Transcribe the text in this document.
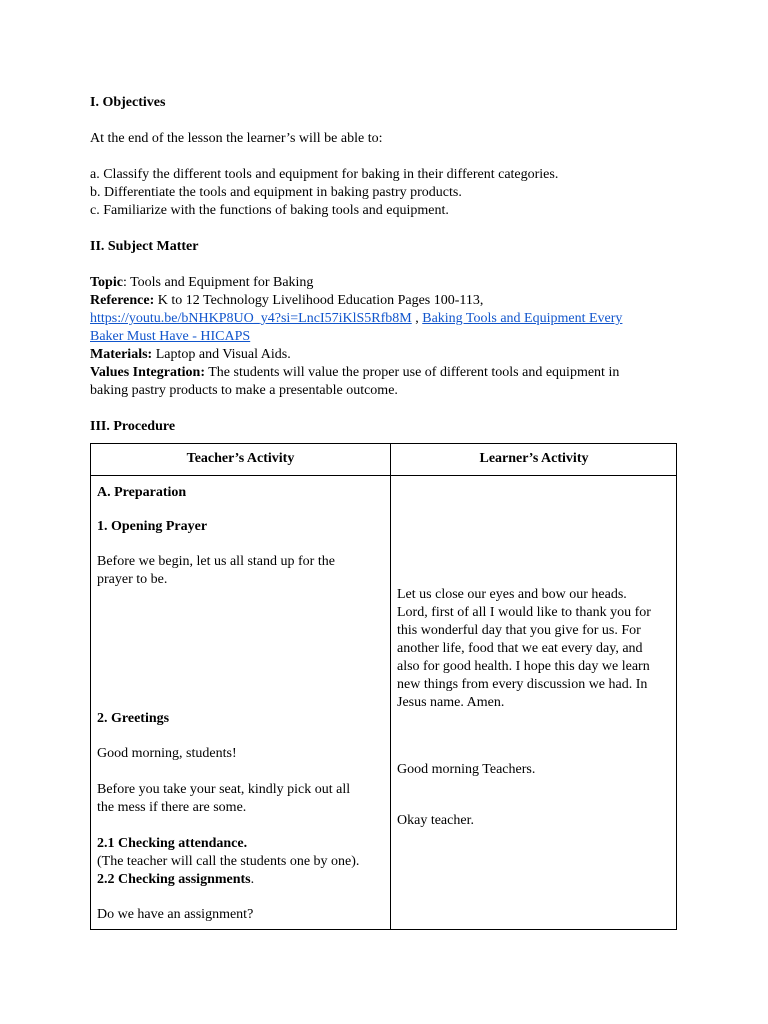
I. Objectives

At the end of the lesson the learner’s will be able to:

a. Classify the different tools and equipment for baking in their different categories.

b. Differentiate the tools and equipment in baking pastry products.

c. Familiarize with the functions of baking tools and equipment.

II. Subject Matter

Topic: Tools and Equipment for Baking

Reference: K to 12 Technology Livelihood Education Pages 100-113,

https://youtu.be/bNHKP8UO_y4?si=LncI57iKlS5Rfb8M , Baking Tools and Equipment Every

Baker Must Have - HICAPS

Materials: Laptop and Visual Aids.

Values Integration: The students will value the proper use of different tools and equipment in

baking pastry products to make a presentable outcome.

III. Procedure

Teacher’s Activity	Learner’s Activity
A. Preparation
1. Opening Prayer
Before we begin, let us all stand up for the
prayer to be.
2. Greetings
Good morning, students!
Before you take your seat, kindly pick out all
the mess if there are some.
2.1 Checking attendance.
(The teacher will call the students one by one).
2.2 Checking assignments.
Do we have an assignment?
Let us close our eyes and bow our heads.
Lord, first of all I would like to thank you for
this wonderful day that you give for us. For
another life, food that we eat every day, and
also for good health. I hope this day we learn
new things from every discussion we had. In
Jesus name. Amen.
Good morning Teachers.
Okay teacher.
